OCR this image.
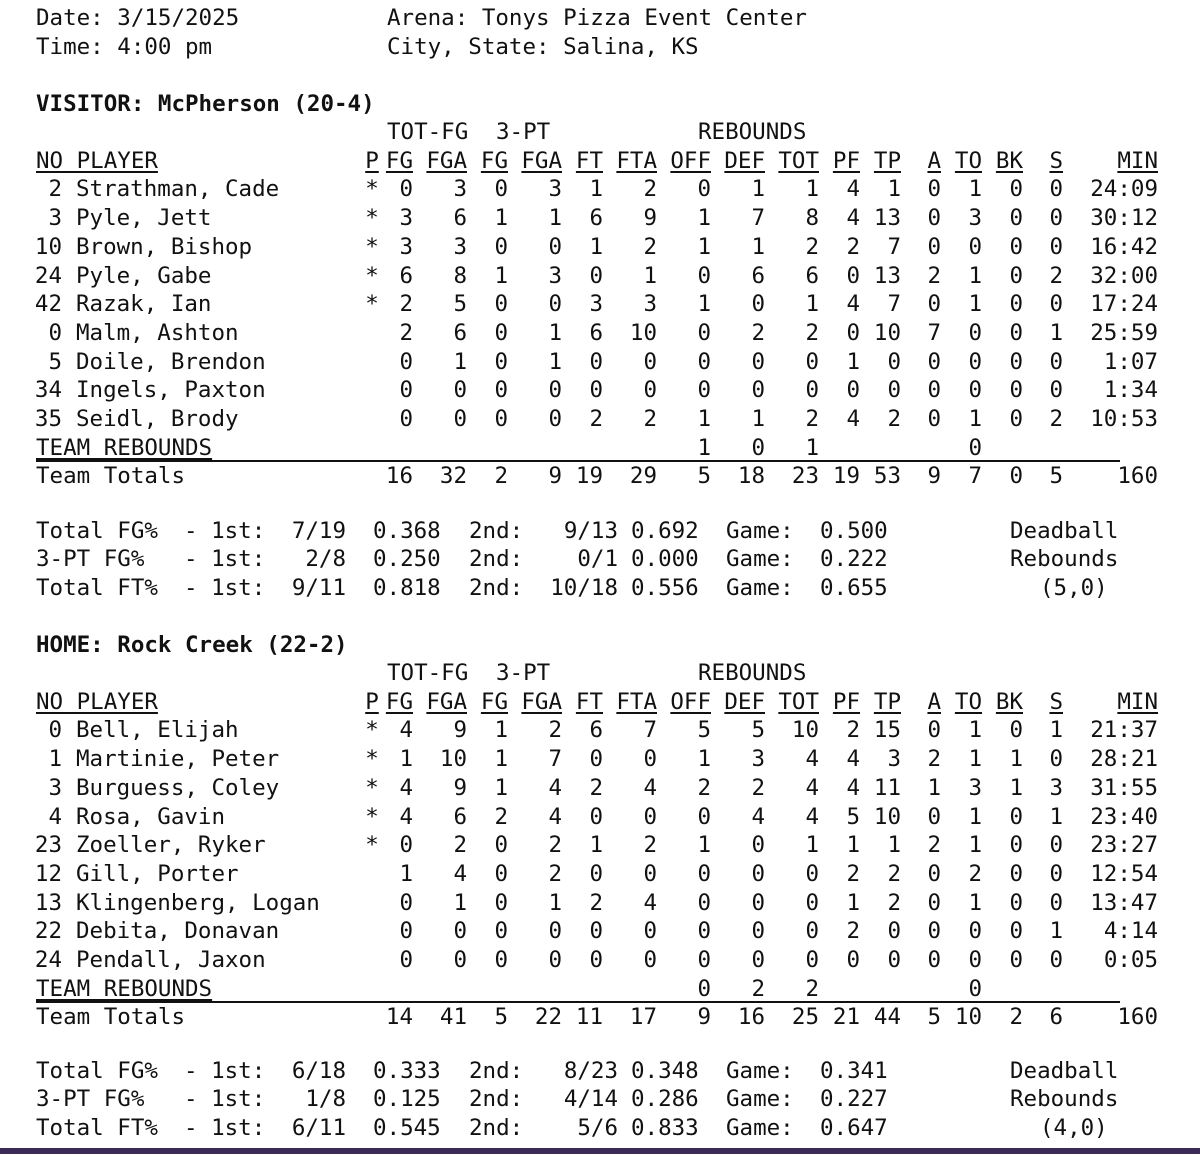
Date: 3/15/2025

	Arena: Tonys Pizza Event Center

Time: 4:00 pm

	City, State: Salina, KS

VISITOR: McPherson (20-4)
TOT-FG 3-PT	REBOUNDS
NO PLAYER	P FG FGA FG FGA FT FTA OFF DEF TOT PF TP A TO BK S MIN
2 Strathman, Cade	* 0 3 0 3 1 2 0 1 1 4 1 0 1 0 0 24:09
3 Pyle, Jett	* 3 6 1 1 6 9 1 7 8 4 13 0 3 0 0 30:12
10 Brown, Bishop	* 3 3 0 0 1 2 1 1 2 2 7 0 0 0 0 16:42
24 Pyle, Gabe	* 6 8 1 3 0 1 0 6 6 0 13 2 1 0 2 32:00
42 Razak, Ian	* 2 5 0 0 3 3 1 0 1 4 7 0 1 0 0 17:24
0 Malm, Ashton	2 6 0 1 6 10 0 2 2 0 10 7 0 0 1 25:59
5 Doile, Brendon	0 1 0 1 0 0 0 0 0 1 0 0 0 0 0 1:07
34 Ingels, Paxton	0 0 0 0 0 0 0 0 0 0 0 0 0 0 0 1:34
35 Seidl, Brody	0 0 0 0 2 2 1 1 2 4 2 0 1 0 2 10:53
TEAM REBOUNDS	1 0 1	0
Team Totals	16 32 2 9 19 29 5 18 23 19 53 9 7 0 5 160
Total FG% - 1st: 7/19 0.368 2nd: 9/13 0.692 Game: 0.500
3-PT FG% - 1st: 2/8 0.250 2nd: 0/1 0.000 Game: 0.222
Total FT% - 1st: 9/11 0.818 2nd: 10/18 0.556 Game: 0.655
Deadball
Rebounds
(5,0)
HOME: Rock Creek (22-2)
TOT-FG 3-PT	REBOUNDS
NO PLAYER	P FG FGA FG FGA FT FTA OFF DEF TOT PF TP A TO BK S MIN
0 Bell, Elijah	* 4 9 1 2 6 7 5 5 10 2 15 0 1 0 1 21:37
1 Martinie, Peter	* 1 10 1 7 0 0 1 3 4 4 3 2 1 1 0 28:21
3 Burguess, Coley	* 4 9 1 4 2 4 2 2 4 4 11 1 3 1 3 31:55
4 Rosa, Gavin	* 4 6 2 4 0 0 0 4 4 5 10 0 1 0 1 23:40
23 Zoeller, Ryker	* 0 2 0 2 1 2 1 0 1 1 1 2 1 0 0 23:27
12 Gill, Porter	1 4 0 2 0 0 0 0 0 2 2 0 2 0 0 12:54
13 Klingenberg, Logan	0 1 0 1 2 4 0 0 0 1 2 0 1 0 0 13:47
22 Debita, Donavan	0 0 0 0 0 0 0 0 0 2 0 0 0 0 1 4:14
24 Pendall, Jaxon	0 0 0 0 0 0 0 0 0 0 0 0 0 0 0 0:05
TEAM REBOUNDS	0 2 2	0
Team Totals	14 41 5 22 11 17 9 16 25 21 44 5 10 2 6 160
Total FG% - 1st: 6/18 0.333 2nd: 8/23 0.348 Game: 0.341
3-PT FG% - 1st: 1/8 0.125 2nd: 4/14 0.286 Game: 0.227
Total FT% - 1st: 6/11 0.545 2nd: 5/6 0.833 Game: 0.647
Deadball
Rebounds
(4,0)
